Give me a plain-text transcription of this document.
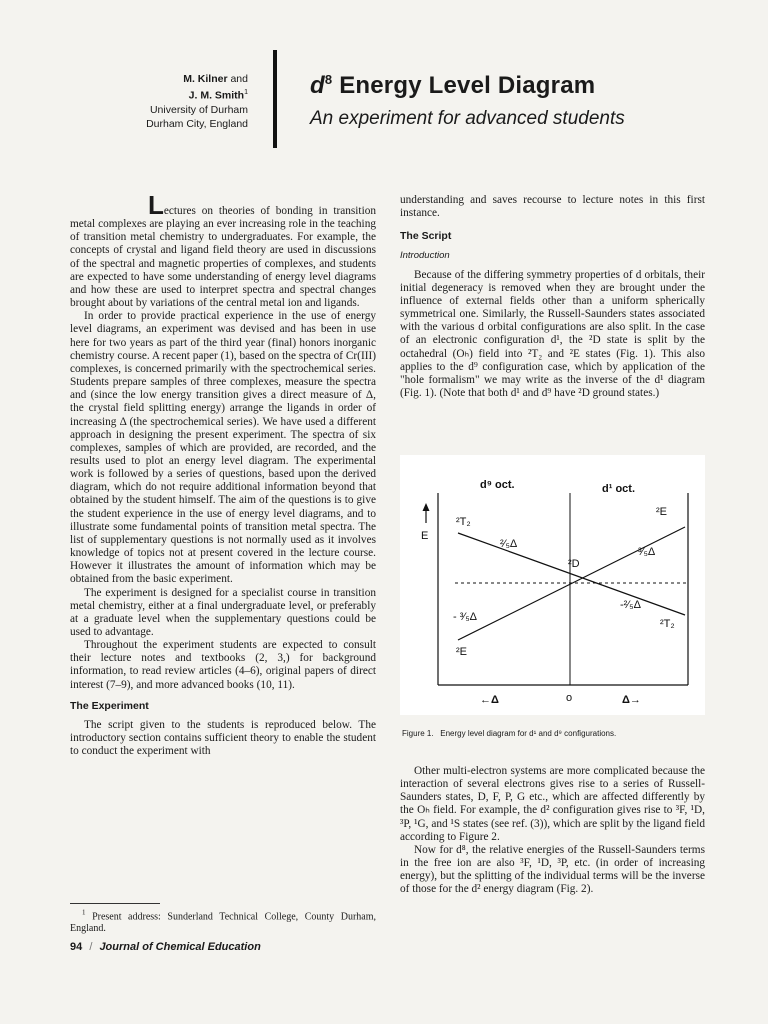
M. Kilner and
J. M. Smith$^1$
University of Durham
Durham City, England
$d^8$ Energy Level Diagram
An experiment for advanced students

Lectures on theories of bonding in transition metal complexes are playing an ever increasing role in the teaching of transition metal chemistry to undergraduates. For example, the concepts of crystal and ligand field theory are used in discussions of the spectral and magnetic properties of complexes, and students are expected to have some understanding of energy level diagrams and how these are used to interpret spectra and spectral changes brought about by variations of the central metal ion and ligands.

In order to provide practical experience in the use of energy level diagrams, an experiment was devised and has been in use here for two years as part of the third year (final) honors inorganic chemistry course. A recent paper (1), based on the spectra of Cr(III) complexes, is concerned primarily with the spectrochemical series. Students prepare samples of three complexes, measure the spectra and (since the low energy transition gives a direct measure of Δ, the crystal field splitting energy) arrange the ligands in order of increasing Δ (the spectrochemical series). We have used a different approach in designing the present experiment. The spectra of six complexes, samples of which are provided, are recorded, and the results used to plot an energy level diagram. The experimental work is followed by a series of questions, based upon the derived diagram, which do not require additional information beyond that obtained by the student himself. The aim of the questions is to give the student experience in the use of energy level diagrams, and to illustrate some fundamental points of transition metal spectra. The list of supplementary questions is not normally used as it involves knowledge of topics not at present covered in the lecture course. However it illustrates the amount of information which may be obtained from the basic experiment.

The experiment is designed for a specialist course in transition metal chemistry, either at a final undergraduate level, or preferably at a graduate level when the supplementary questions could be used to advantage.

Throughout the experiment students are expected to consult their lecture notes and textbooks (2, 3,) for background information, to read review articles (4–6), original papers of direct interest (7–9), and more advanced books (10, 11).

The Experiment

The script given to the students is reproduced below. The introductory section contains sufficient theory to enable the student to conduct the experiment with

$^1$ Present address: Sunderland Technical College, County Durham, England.
94 / Journal of Chemical Education

understanding and saves recourse to lecture notes in this first instance.

The Script
Introduction

Because of the differing symmetry properties of d orbitals, their initial degeneracy is removed when they are brought under the influence of external fields other than a uniform spherically symmetrical one. Similarly, the Russell-Saunders states associated with the various d orbital configurations are also split. In the case of an electronic configuration d¹, the ²D state is split by the octahedral (Oₕ) field into ²T₂ and ²E states (Fig. 1). This also applies to the d⁹ configuration case, which by application of the "hole formalism" we may write as the inverse of the d¹ diagram (Fig. 1). (Note that both d¹ and d⁹ have ²D ground states.)

E
d⁹ oct.	d¹ oct.
²T₂
²⁄₅Δ
- ³⁄₅Δ
²E
²D
²E
³⁄₅Δ
-²⁄₅Δ
²T₂
←Δ	o	Δ→
Figure 1. Energy level diagram for d¹ and d⁹ configurations.

Other multi-electron systems are more complicated because the interaction of several electrons gives rise to a series of Russell-Saunders states, D, F, P, G etc., which are affected differently by the Oₕ field. For example, the d² configuration gives rise to ³F, ¹D, ³P, ¹G, and ¹S states (see ref. (3)), which are split by the ligand field according to Figure 2.

Now for d⁸, the relative energies of the Russell-Saunders terms in the free ion are also ³F, ¹D, ³P, etc. (in order of increasing energy), but the splitting of the individual terms will be the inverse of those for the d² energy diagram (Fig. 2).
